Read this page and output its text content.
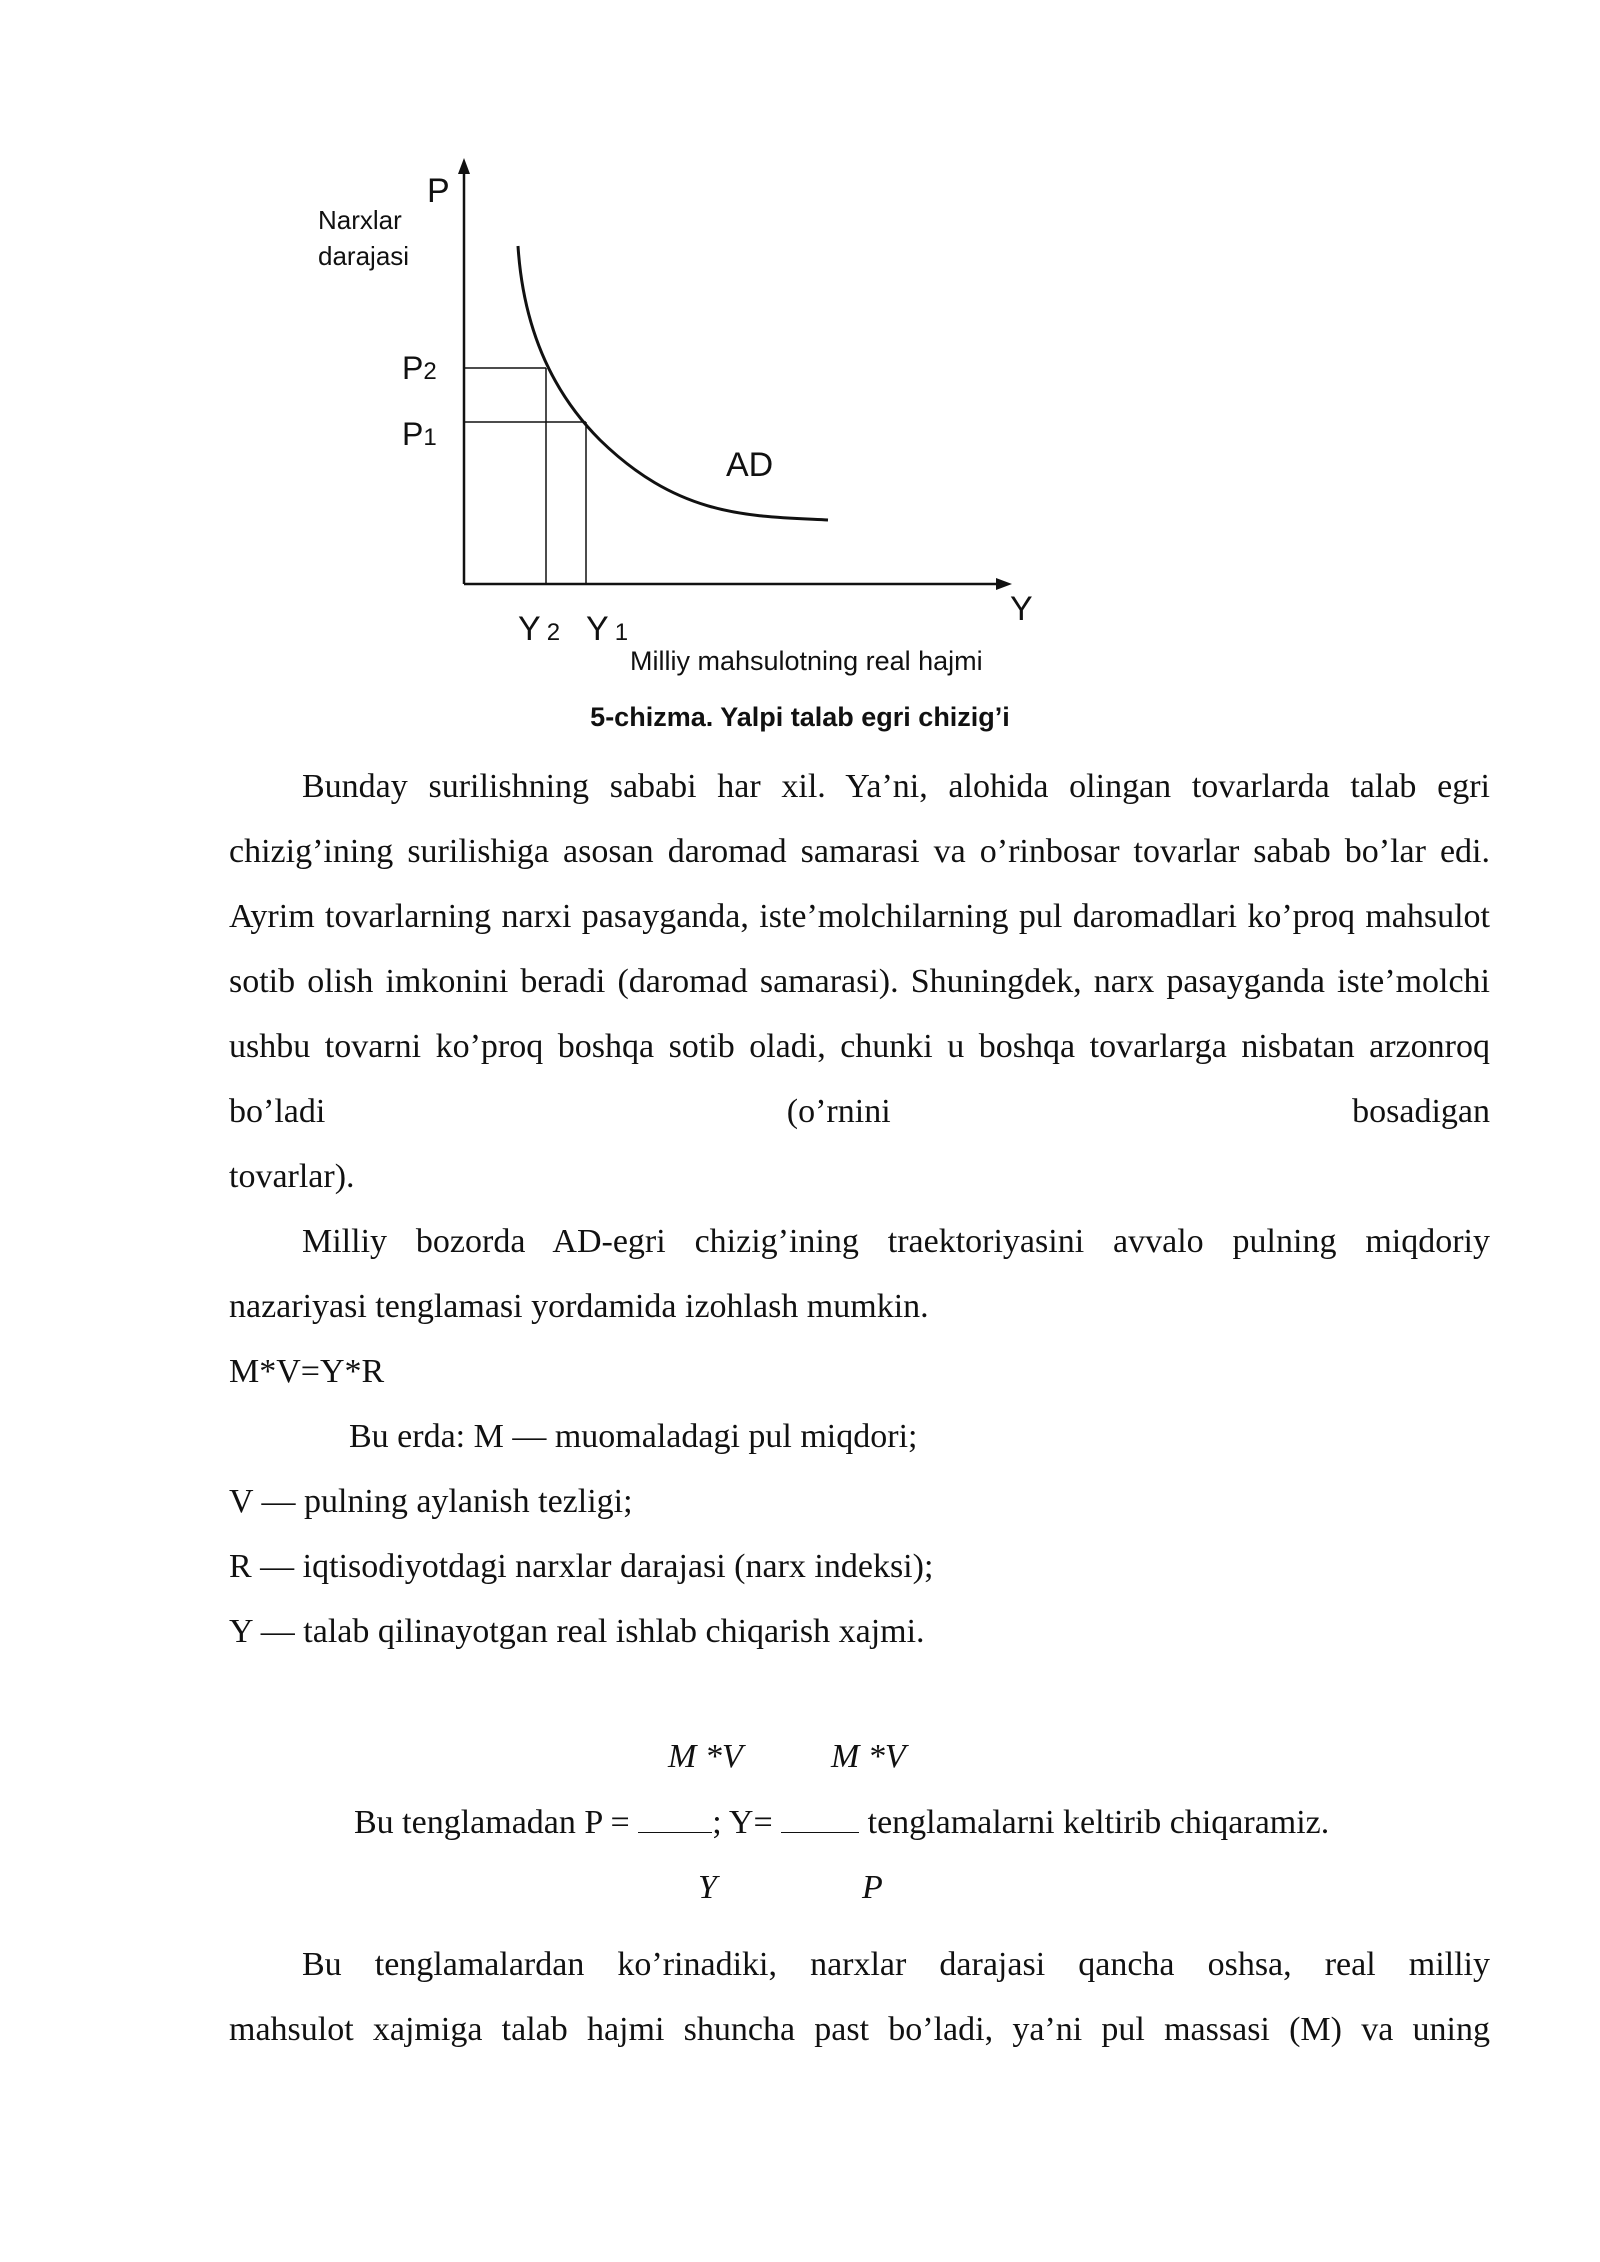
Narxlar
darajasi
P
P2
P1
AD
Y
Y 2 Y 1
Milliy mahsulotning real hajmi
5-chizma. Yalpi talab egri chizig’i

Bunday surilishning sababi har xil. Ya’ni, alohida olingan tovarlarda talab egri chizig’ining surilishiga asosan daromad samarasi va o’rinbosar tovarlar sabab bo’lar edi. Ayrim tovarlarning narxi pasayganda, iste’molchilarning pul daromadlari ko’proq mahsulot sotib olish imkonini beradi (daromad samarasi). Shuningdek, narx pasayganda iste’molchi ushbu tovarni ko’proq boshqa sotib oladi, chunki u boshqa tovarlarga nisbatan arzonroq bo’ladi (o’rnini bosadigan

tovarlar).

Milliy bozorda AD-egri chizig’ining traektoriyasini avvalo pulning miqdoriy

nazariyasi tenglamasi yordamida izohlash mumkin.

M*V=Y*R

Bu erda: M — muomaladagi pul miqdori;

V — pulning aylanish tezligi;

R — iqtisodiyotdagi narxlar darajasi (narx indeksi);

Y — talab qilinayotgan real ishlab chiqarish xajmi.

M *V	M *V
Bu tenglamadan P = ; Y=  tenglamalarni keltirib chiqaramiz.
Y	P

Bu tenglamalardan ko’rinadiki, narxlar darajasi qancha oshsa, real milliy

mahsulot xajmiga talab hajmi shuncha past bo’ladi, ya’ni pul massasi (M) va uning
